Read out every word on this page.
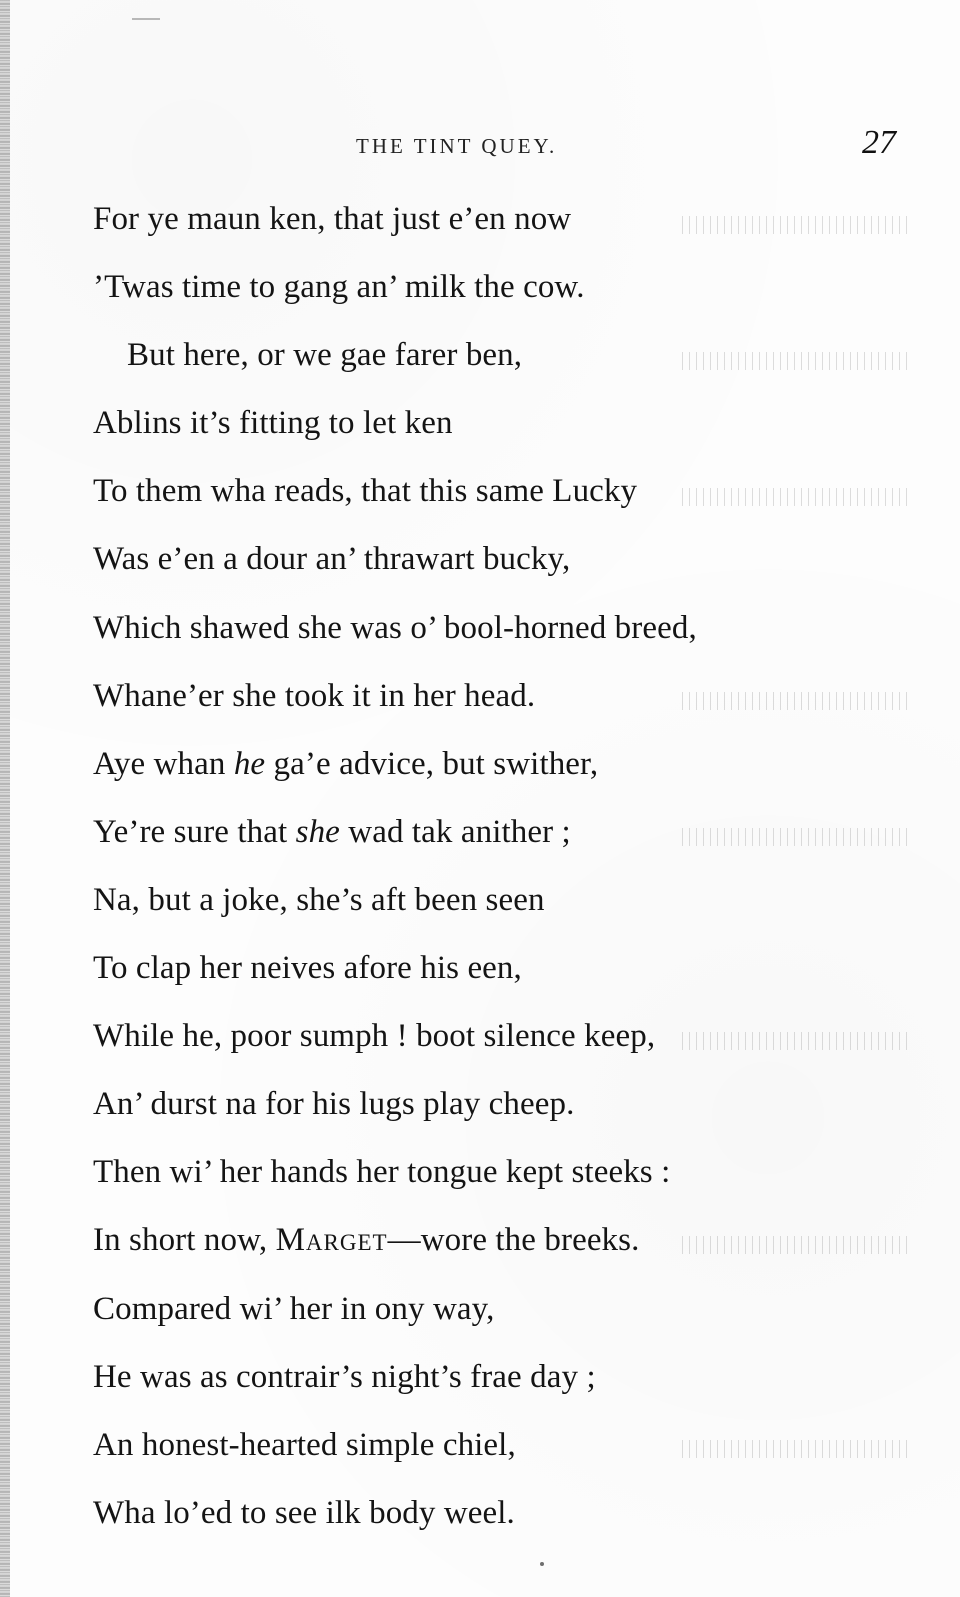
THE TINT QUEY.	27
For ye maun ken, that just e’en now
’Twas time to gang an’ milk the cow.
But here, or we gae farer ben,
Ablins it’s fitting to let ken
To them wha reads, that this same Lucky
Was e’en a dour an’ thrawart bucky,
Which shawed she was o’ bool-horned breed,
Whane’er she took it in her head.
Aye whan he ga’e advice, but swither,
Ye’re sure that she wad tak anither ;
Na, but a joke, she’s aft been seen
To clap her neives afore his een,
While he, poor sumph ! boot silence keep,
An’ durst na for his lugs play cheep.
Then wi’ her hands her tongue kept steeks :
In short now, Marget—wore the breeks.
Compared wi’ her in ony way,
He was as contrair’s night’s frae day ;
An honest-hearted simple chiel,
Wha lo’ed to see ilk body weel.
